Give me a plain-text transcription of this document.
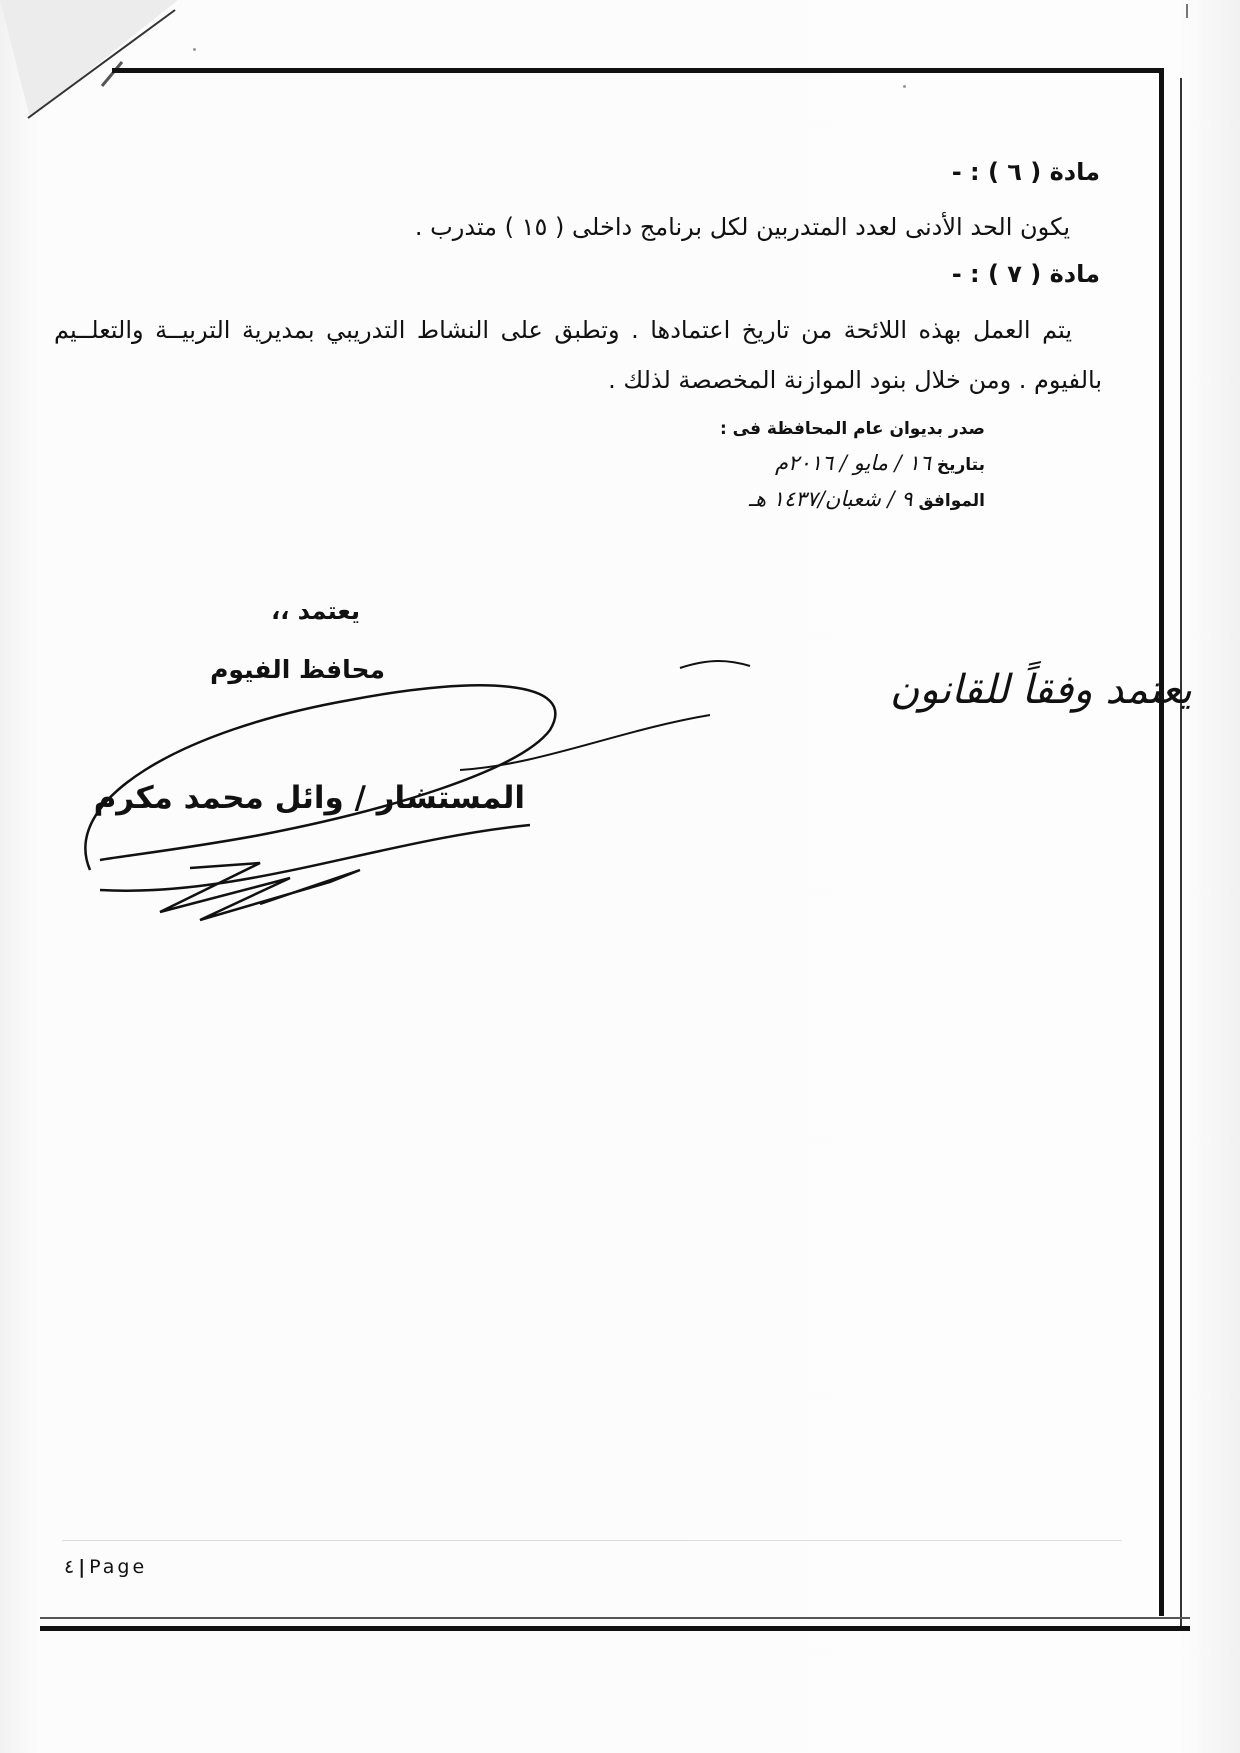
مادة ( ٦ ) : -
يكون الحد الأدنى لعدد المتدربين لكل برنامج داخلى ( ١٥ ) متدرب .
مادة ( ٧ ) : -
يتم العمل بهذه اللائحة من تاريخ اعتمادها . وتطبق على النشاط التدريبي بمديرية التربيــة والتعلــيم بالفيوم . ومن خلال بنود الموازنة المخصصة لذلك .
صدر بديوان عام المحافظة فى :
بتاريخ ١٦ / مايو / ٢٠١٦م
الموافق ٩ / شعبان/١٤٣٧ هـ
يعتمد ،،
محافظ الفيوم
المستشار / وائل محمد مكرم
يعتمد وفقاً للقانون
٤ | Page
